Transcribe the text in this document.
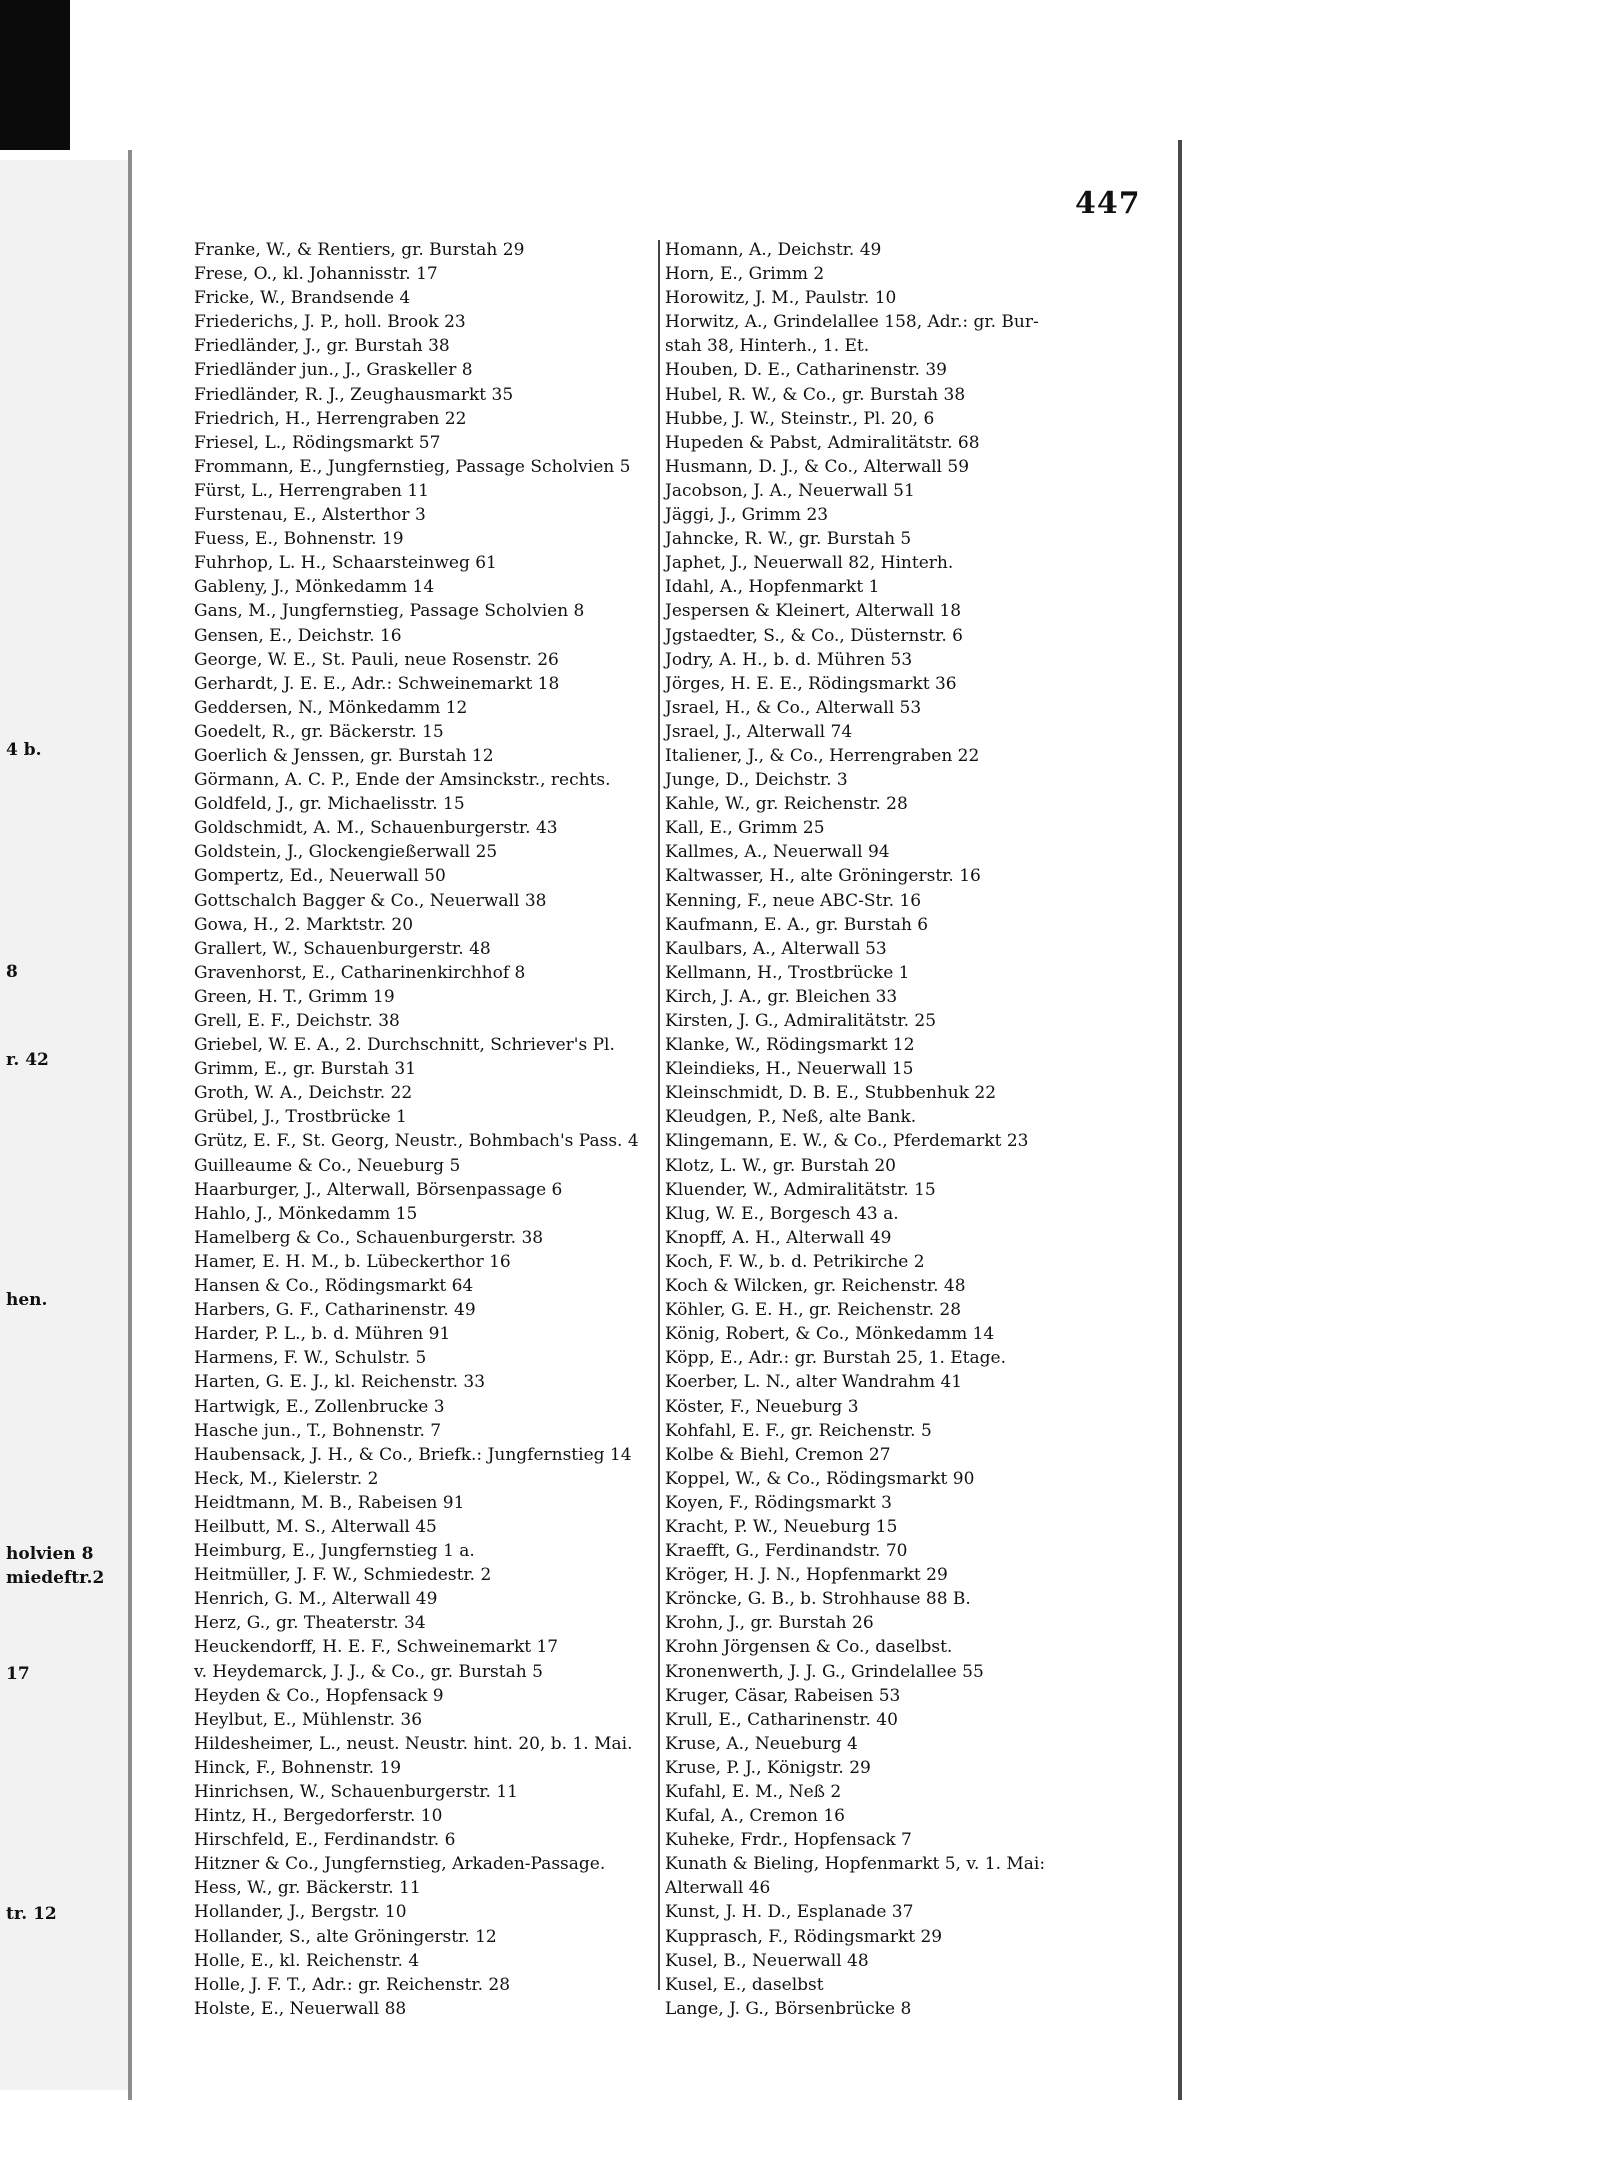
4 b.
8
r. 42
hen.
holvien 8
miedeftr.2
17
tr. 12
447
Franke, W., & Rentiers, gr. Burstah 29
Frese, O., kl. Johannisstr. 17
Fricke, W., Brandsende 4
Friederichs, J. P., holl. Brook 23
Friedländer, J., gr. Burstah 38
Friedländer jun., J., Graskeller 8
Friedländer, R. J., Zeughausmarkt 35
Friedrich, H., Herrengraben 22
Friesel, L., Rödingsmarkt 57
Frommann, E., Jungfernstieg, Passage Scholvien 5
Fürst, L., Herrengraben 11
Furstenau, E., Alsterthor 3
Fuess, E., Bohnenstr. 19
Fuhrhop, L. H., Schaarsteinweg 61
Gableny, J., Mönkedamm 14
Gans, M., Jungfernstieg, Passage Scholvien 8
Gensen, E., Deichstr. 16
George, W. E., St. Pauli, neue Rosenstr. 26
Gerhardt, J. E. E., Adr.: Schweinemarkt 18
Geddersen, N., Mönkedamm 12
Goedelt, R., gr. Bäckerstr. 15
Goerlich & Jenssen, gr. Burstah 12
Görmann, A. C. P., Ende der Amsinckstr., rechts.
Goldfeld, J., gr. Michaelisstr. 15
Goldschmidt, A. M., Schauenburgerstr. 43
Goldstein, J., Glockengießerwall 25
Gompertz, Ed., Neuerwall 50
Gottschalch Bagger & Co., Neuerwall 38
Gowa, H., 2. Marktstr. 20
Grallert, W., Schauenburgerstr. 48
Gravenhorst, E., Catharinenkirchhof 8
Green, H. T., Grimm 19
Grell, E. F., Deichstr. 38
Griebel, W. E. A., 2. Durchschnitt, Schriever's Pl.
Grimm, E., gr. Burstah 31
Groth, W. A., Deichstr. 22
Grübel, J., Trostbrücke 1
Grütz, E. F., St. Georg, Neustr., Bohmbach's Pass. 4
Guilleaume & Co., Neueburg 5
Haarburger, J., Alterwall, Börsenpassage 6
Hahlo, J., Mönkedamm 15
Hamelberg & Co., Schauenburgerstr. 38
Hamer, E. H. M., b. Lübeckerthor 16
Hansen & Co., Rödingsmarkt 64
Harbers, G. F., Catharinenstr. 49
Harder, P. L., b. d. Mühren 91
Harmens, F. W., Schulstr. 5
Harten, G. E. J., kl. Reichenstr. 33
Hartwigk, E., Zollenbrucke 3
Hasche jun., T., Bohnenstr. 7
Haubensack, J. H., & Co., Briefk.: Jungfernstieg 14
Heck, M., Kielerstr. 2
Heidtmann, M. B., Rabeisen 91
Heilbutt, M. S., Alterwall 45
Heimburg, E., Jungfernstieg 1 a.
Heitmüller, J. F. W., Schmiedestr. 2
Henrich, G. M., Alterwall 49
Herz, G., gr. Theaterstr. 34
Heuckendorff, H. E. F., Schweinemarkt 17
v. Heydemarck, J. J., & Co., gr. Burstah 5
Heyden & Co., Hopfensack 9
Heylbut, E., Mühlenstr. 36
Hildesheimer, L., neust. Neustr. hint. 20, b. 1. Mai.
Hinck, F., Bohnenstr. 19
Hinrichsen, W., Schauenburgerstr. 11
Hintz, H., Bergedorferstr. 10
Hirschfeld, E., Ferdinandstr. 6
Hitzner & Co., Jungfernstieg, Arkaden-Passage.
Hess, W., gr. Bäckerstr. 11
Hollander, J., Bergstr. 10
Hollander, S., alte Gröningerstr. 12
Holle, E., kl. Reichenstr. 4
Holle, J. F. T., Adr.: gr. Reichenstr. 28
Holste, E., Neuerwall 88
Homann, A., Deichstr. 49
Horn, E., Grimm 2
Horowitz, J. M., Paulstr. 10
Horwitz, A., Grindelallee 158, Adr.: gr. Bur-
stah 38, Hinterh., 1. Et.
Houben, D. E., Catharinenstr. 39
Hubel, R. W., & Co., gr. Burstah 38
Hubbe, J. W., Steinstr., Pl. 20, 6
Hupeden & Pabst, Admiralitätstr. 68
Husmann, D. J., & Co., Alterwall 59
Jacobson, J. A., Neuerwall 51
Jäggi, J., Grimm 23
Jahncke, R. W., gr. Burstah 5
Japhet, J., Neuerwall 82, Hinterh.
Idahl, A., Hopfenmarkt 1
Jespersen & Kleinert, Alterwall 18
Jgstaedter, S., & Co., Düsternstr. 6
Jodry, A. H., b. d. Mühren 53
Jörges, H. E. E., Rödingsmarkt 36
Jsrael, H., & Co., Alterwall 53
Jsrael, J., Alterwall 74
Italiener, J., & Co., Herrengraben 22
Junge, D., Deichstr. 3
Kahle, W., gr. Reichenstr. 28
Kall, E., Grimm 25
Kallmes, A., Neuerwall 94
Kaltwasser, H., alte Gröningerstr. 16
Kenning, F., neue ABC-Str. 16
Kaufmann, E. A., gr. Burstah 6
Kaulbars, A., Alterwall 53
Kellmann, H., Trostbrücke 1
Kirch, J. A., gr. Bleichen 33
Kirsten, J. G., Admiralitätstr. 25
Klanke, W., Rödingsmarkt 12
Kleindieks, H., Neuerwall 15
Kleinschmidt, D. B. E., Stubbenhuk 22
Kleudgen, P., Neß, alte Bank.
Klingemann, E. W., & Co., Pferdemarkt 23
Klotz, L. W., gr. Burstah 20
Kluender, W., Admiralitätstr. 15
Klug, W. E., Borgesch 43 a.
Knopff, A. H., Alterwall 49
Koch, F. W., b. d. Petrikirche 2
Koch & Wilcken, gr. Reichenstr. 48
Köhler, G. E. H., gr. Reichenstr. 28
König, Robert, & Co., Mönkedamm 14
Köpp, E., Adr.: gr. Burstah 25, 1. Etage.
Koerber, L. N., alter Wandrahm 41
Köster, F., Neueburg 3
Kohfahl, E. F., gr. Reichenstr. 5
Kolbe & Biehl, Cremon 27
Koppel, W., & Co., Rödingsmarkt 90
Koyen, F., Rödingsmarkt 3
Kracht, P. W., Neueburg 15
Kraefft, G., Ferdinandstr. 70
Kröger, H. J. N., Hopfenmarkt 29
Kröncke, G. B., b. Strohhause 88 B.
Krohn, J., gr. Burstah 26
Krohn Jörgensen & Co., daselbst.
Kronenwerth, J. J. G., Grindelallee 55
Kruger, Cäsar, Rabeisen 53
Krull, E., Catharinenstr. 40
Kruse, A., Neueburg 4
Kruse, P. J., Königstr. 29
Kufahl, E. M., Neß 2
Kufal, A., Cremon 16
Kuheke, Frdr., Hopfensack 7
Kunath & Bieling, Hopfenmarkt 5, v. 1. Mai:
Alterwall 46
Kunst, J. H. D., Esplanade 37
Kupprasch, F., Rödingsmarkt 29
Kusel, B., Neuerwall 48
Kusel, E., daselbst
Lange, J. G., Börsenbrücke 8
